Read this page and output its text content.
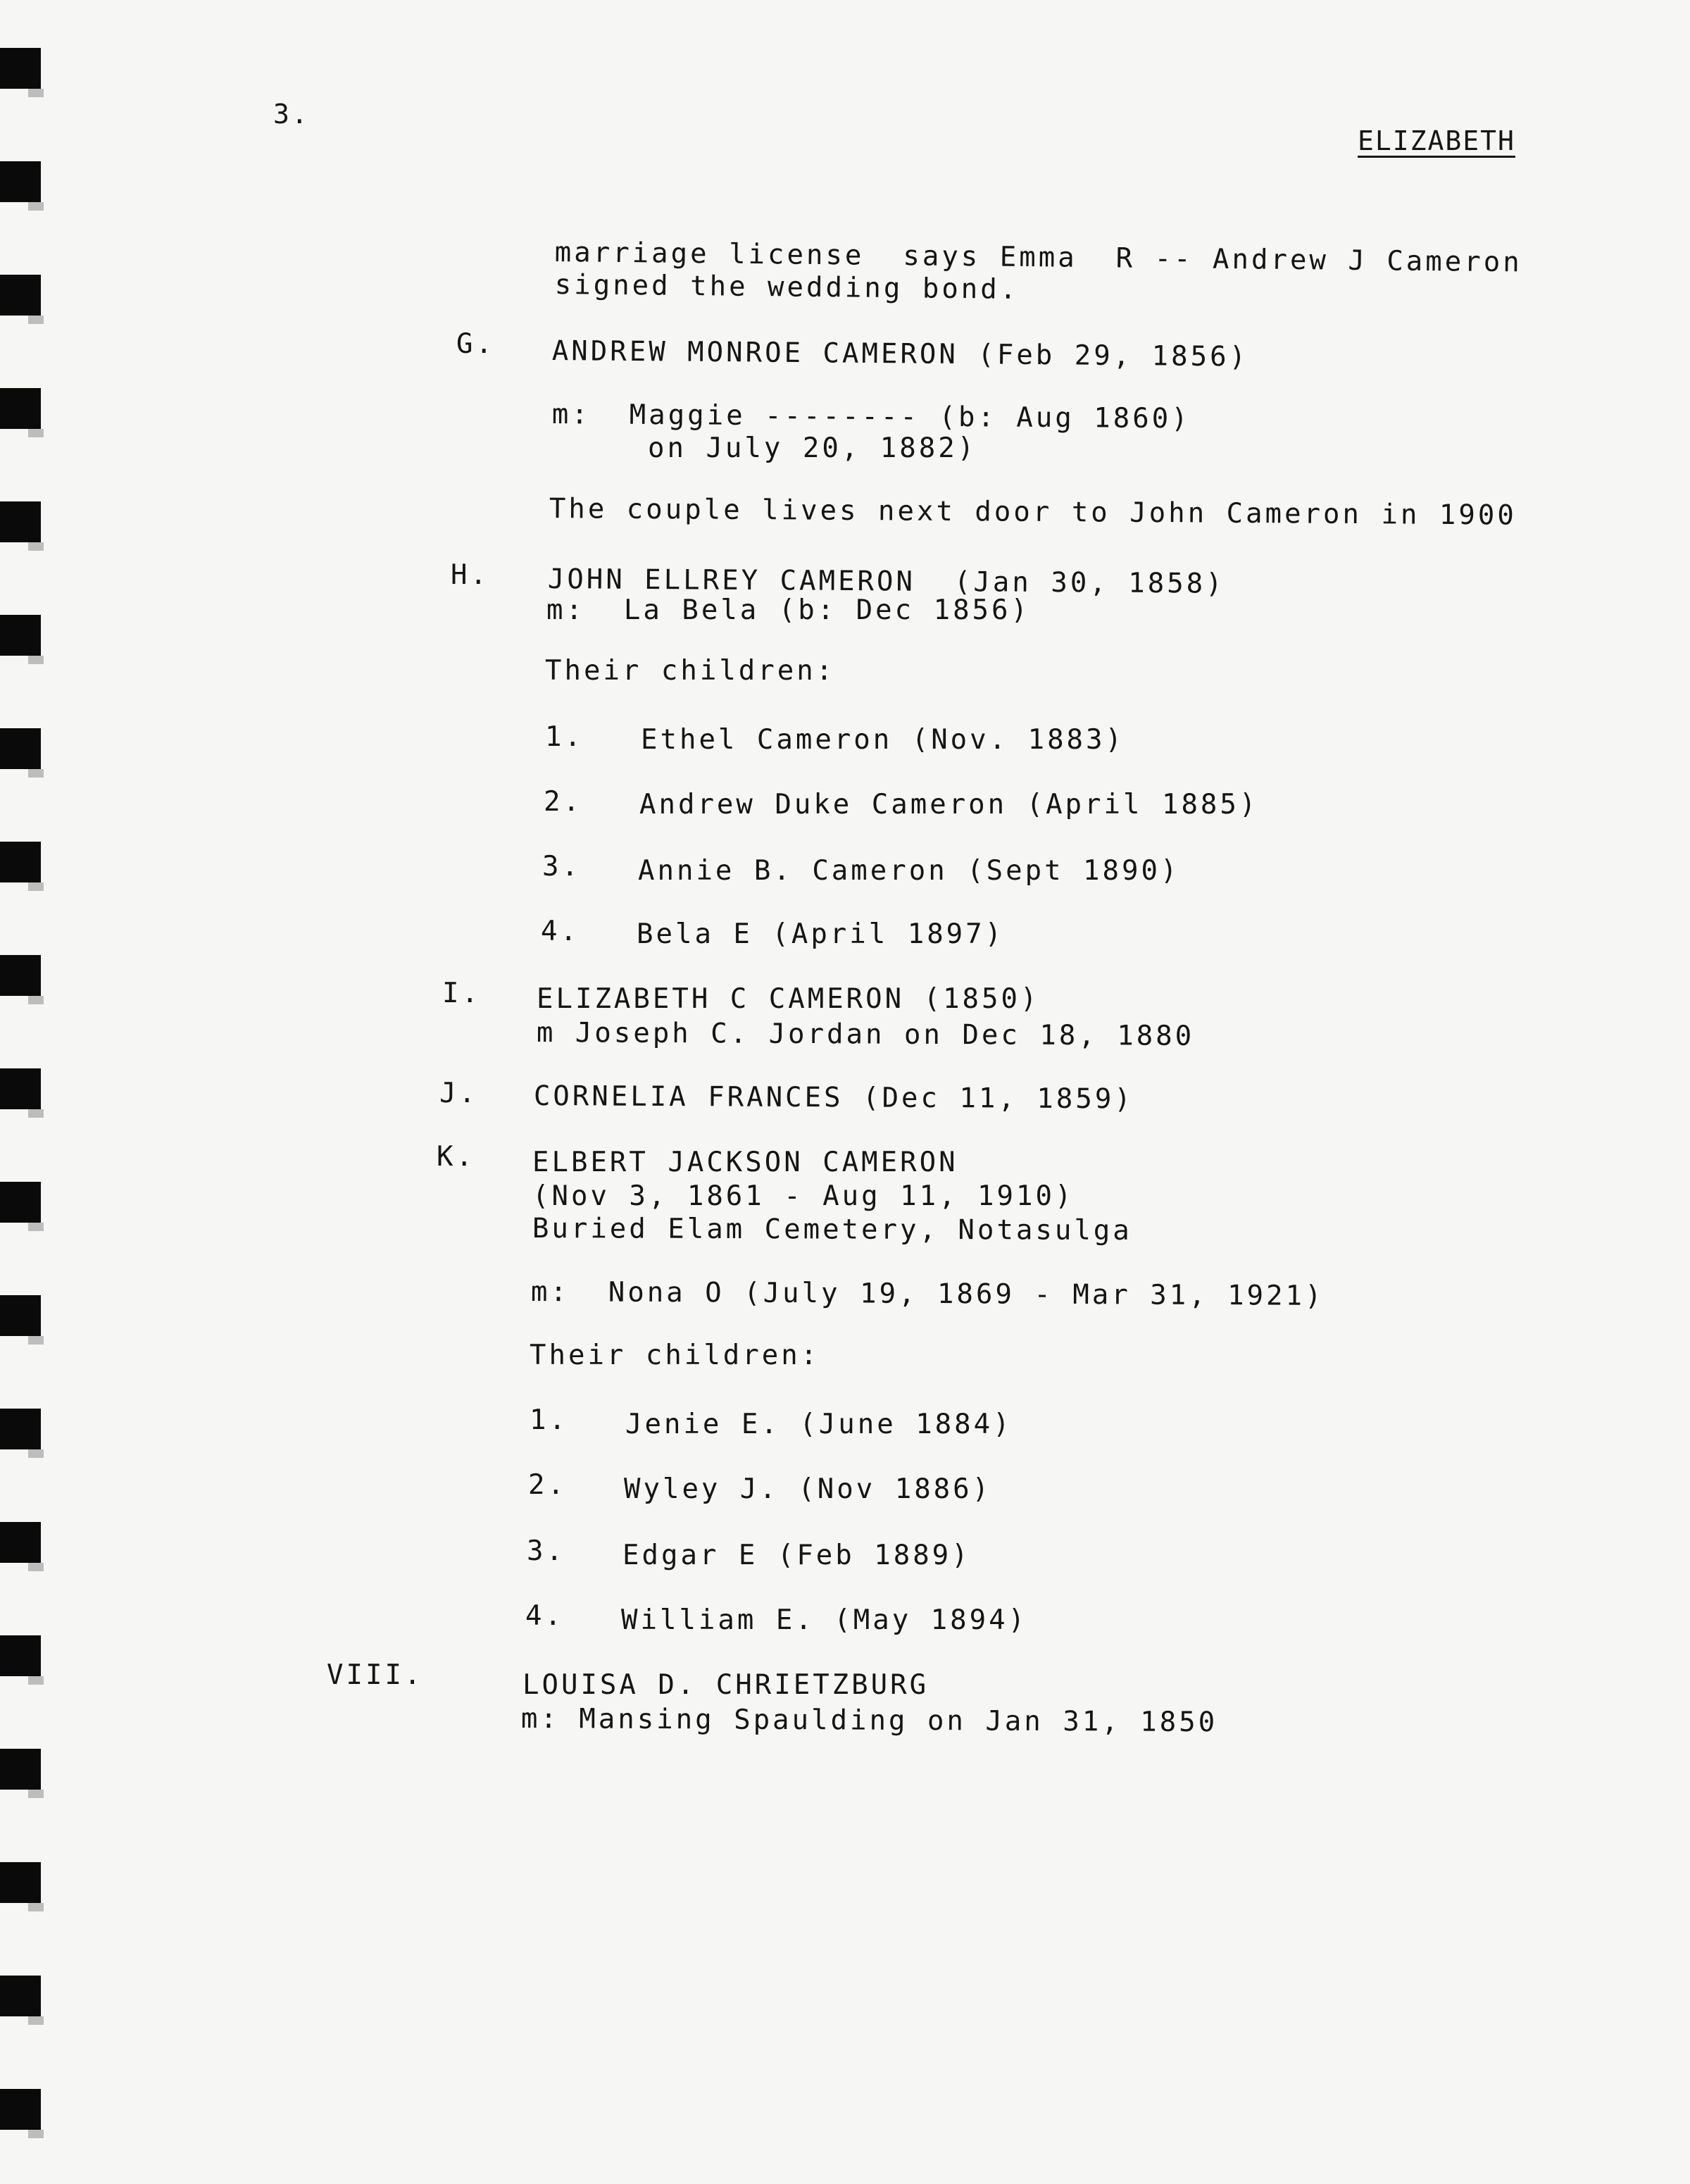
3.
ELIZABETH
marriage license  says Emma  R -- Andrew J Cameron
signed the wedding bond.
G. ANDREW MONROE CAMERON (Feb 29, 1856)
m:  Maggie -------- (b: Aug 1860)
on July 20, 1882)
The couple lives next door to John Cameron in 1900
H. JOHN ELLREY CAMERON  (Jan 30, 1858)
m:  La Bela (b: Dec 1856)
Their children:
1. Ethel Cameron (Nov. 1883)
2. Andrew Duke Cameron (April 1885)
3. Annie B. Cameron (Sept 1890)
4. Bela E (April 1897)
I. ELIZABETH C CAMERON (1850)
m Joseph C. Jordan on Dec 18, 1880
J. CORNELIA FRANCES (Dec 11, 1859)
K. ELBERT JACKSON CAMERON
(Nov 3, 1861 - Aug 11, 1910)
Buried Elam Cemetery, Notasulga
m:  Nona O (July 19, 1869 - Mar 31, 1921)
Their children:
1. Jenie E. (June 1884)
2. Wyley J. (Nov 1886)
3. Edgar E (Feb 1889)
4. William E. (May 1894)
VIII.	LOUISA D. CHRIETZBURG
m: Mansing Spaulding on Jan 31, 1850
